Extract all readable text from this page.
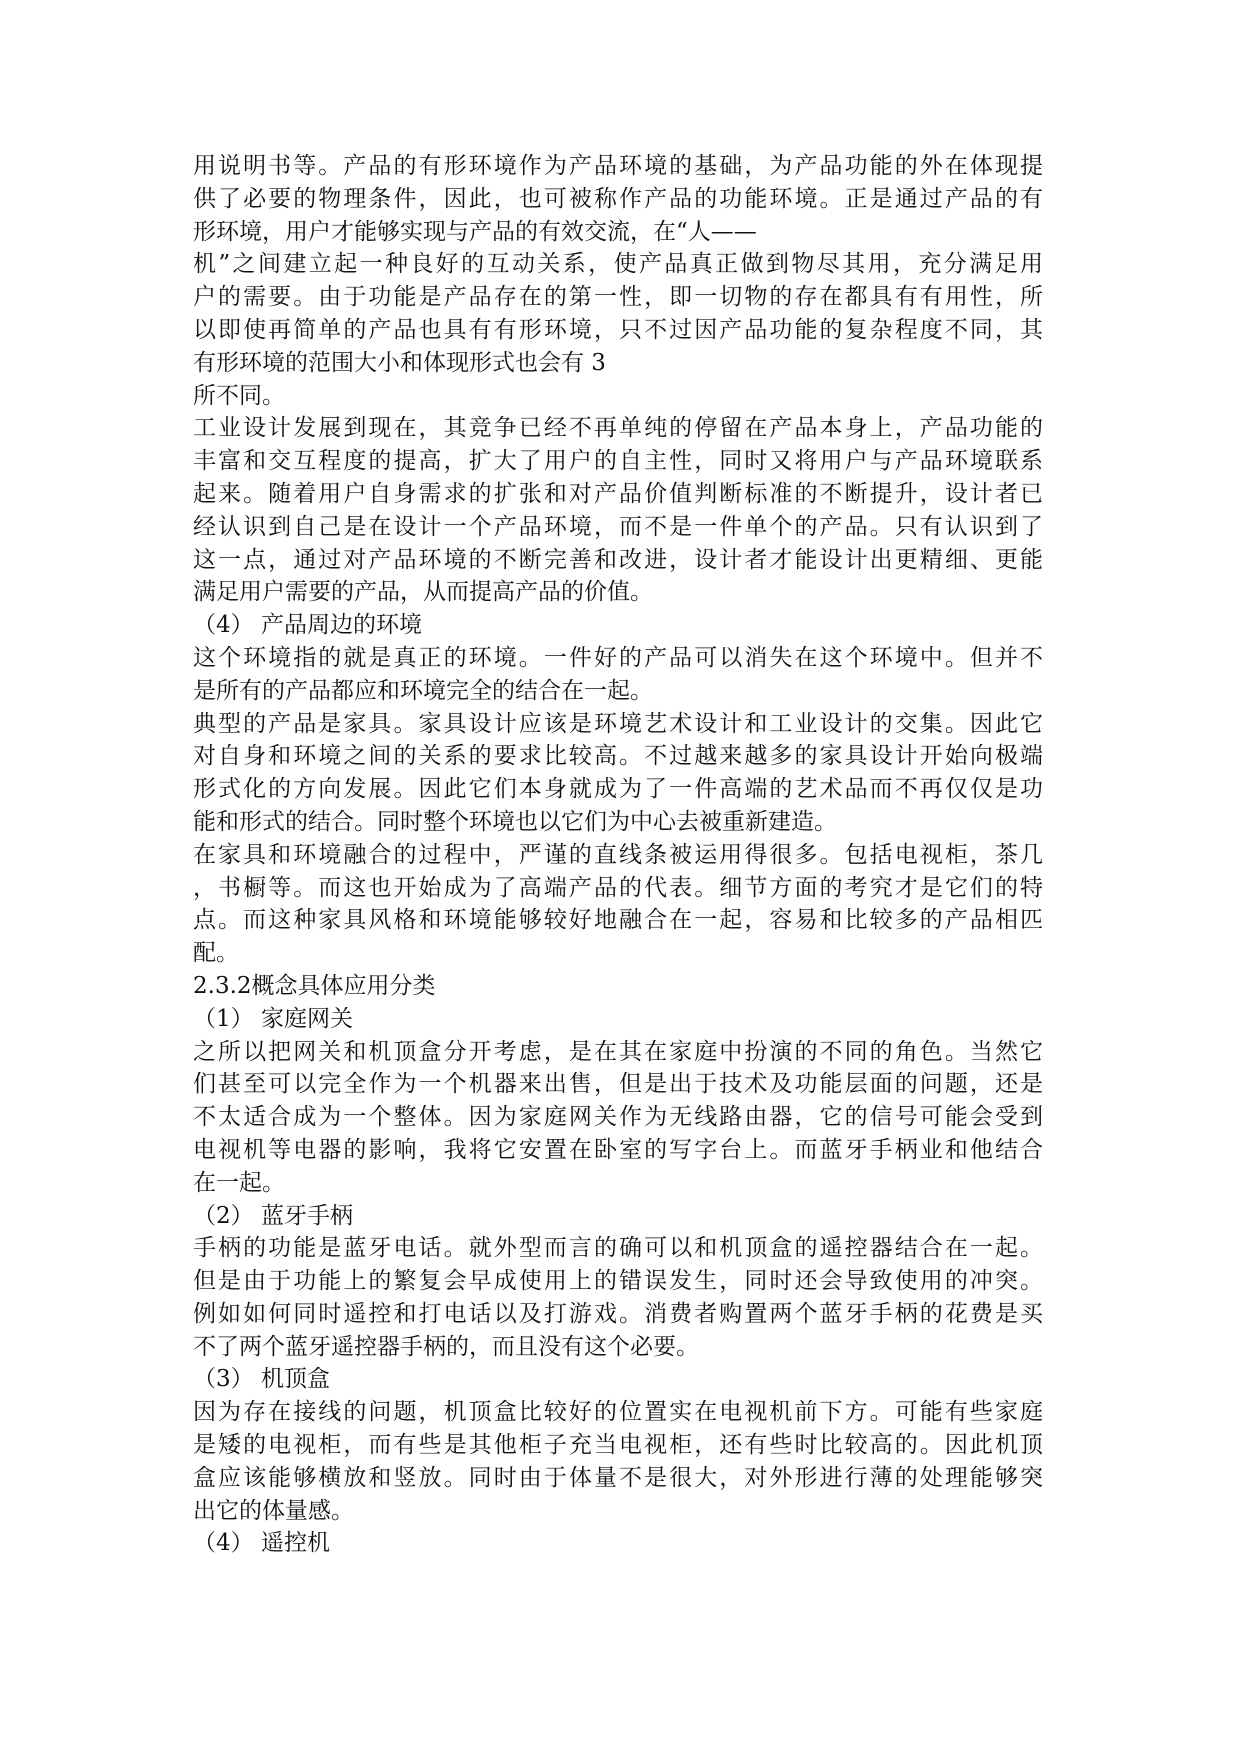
用说明书等。产品的有形环境作为产品环境的基础，为产品功能的外在体现提
供了必要的物理条件，因此，也可被称作产品的功能环境。正是通过产品的有
形环境，用户才能够实现与产品的有效交流，在“人——
机”之间建立起一种良好的互动关系，使产品真正做到物尽其用，充分满足用
户的需要。由于功能是产品存在的第一性，即一切物的存在都具有有用性，所
以即使再简单的产品也具有有形环境，只不过因产品功能的复杂程度不同，其
有形环境的范围大小和体现形式也会有 3
所不同。
工业设计发展到现在，其竞争已经不再单纯的停留在产品本身上，产品功能的
丰富和交互程度的提高，扩大了用户的自主性，同时又将用户与产品环境联系
起来。随着用户自身需求的扩张和对产品价值判断标准的不断提升，设计者已
经认识到自己是在设计一个产品环境，而不是一件单个的产品。只有认识到了
这一点，通过对产品环境的不断完善和改进，设计者才能设计出更精细、更能
满足用户需要的产品，从而提高产品的价值。
（4） 产品周边的环境
这个环境指的就是真正的环境。一件好的产品可以消失在这个环境中。但并不
是所有的产品都应和环境完全的结合在一起。
典型的产品是家具。家具设计应该是环境艺术设计和工业设计的交集。因此它
对自身和环境之间的关系的要求比较高。不过越来越多的家具设计开始向极端
形式化的方向发展。因此它们本身就成为了一件高端的艺术品而不再仅仅是功
能和形式的结合。同时整个环境也以它们为中心去被重新建造。
在家具和环境融合的过程中，严谨的直线条被运用得很多。包括电视柜，茶几
，书橱等。而这也开始成为了高端产品的代表。细节方面的考究才是它们的特
点。而这种家具风格和环境能够较好地融合在一起，容易和比较多的产品相匹
配。
2.3.2概念具体应用分类
（1） 家庭网关
之所以把网关和机顶盒分开考虑，是在其在家庭中扮演的不同的角色。当然它
们甚至可以完全作为一个机器来出售，但是出于技术及功能层面的问题，还是
不太适合成为一个整体。因为家庭网关作为无线路由器，它的信号可能会受到
电视机等电器的影响，我将它安置在卧室的写字台上。而蓝牙手柄业和他结合
在一起。
（2） 蓝牙手柄
手柄的功能是蓝牙电话。就外型而言的确可以和机顶盒的遥控器结合在一起。
但是由于功能上的繁复会早成使用上的错误发生，同时还会导致使用的冲突。
例如如何同时遥控和打电话以及打游戏。消费者购置两个蓝牙手柄的花费是买
不了两个蓝牙遥控器手柄的，而且没有这个必要。
（3） 机顶盒
因为存在接线的问题，机顶盒比较好的位置实在电视机前下方。可能有些家庭
是矮的电视柜，而有些是其他柜子充当电视柜，还有些时比较高的。因此机顶
盒应该能够横放和竖放。同时由于体量不是很大，对外形进行薄的处理能够突
出它的体量感。
（4） 遥控机
